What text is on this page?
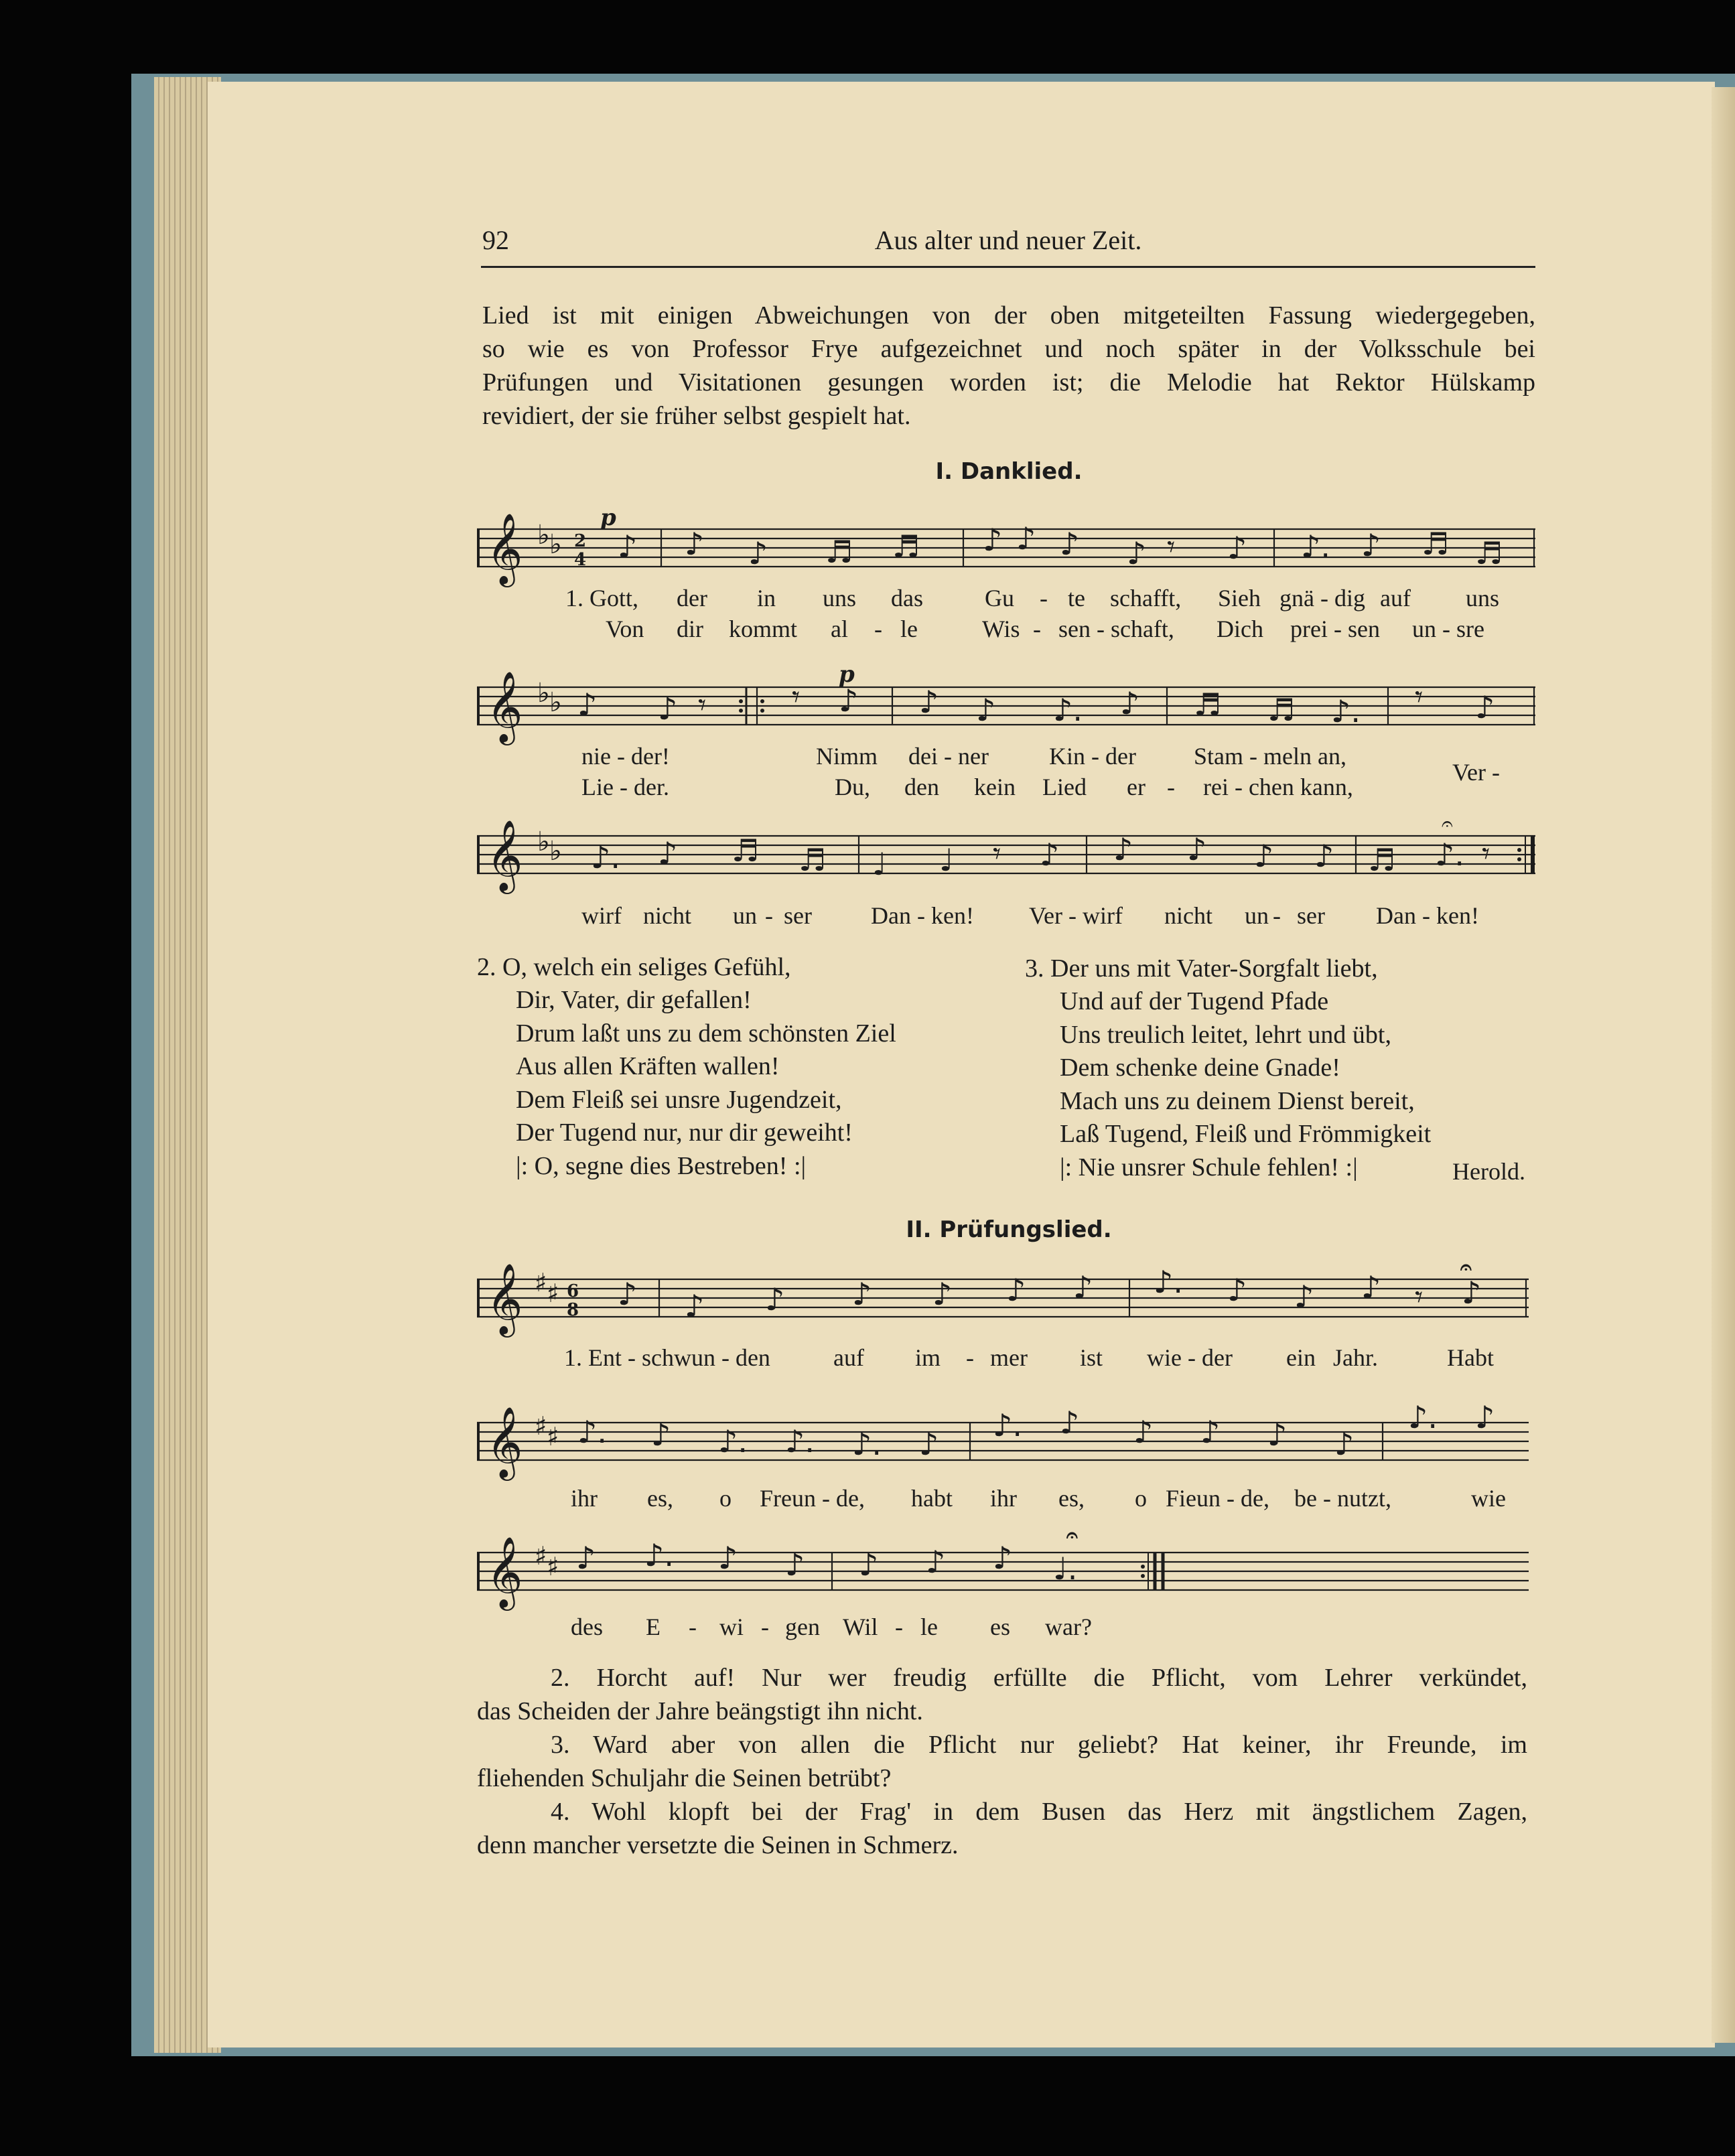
92	Aus alter und neuer Zeit.
Lied ist mit einigen Abweichungen von der oben mitgeteilten Fassung wiedergegeben,
so wie es von Professor Frye aufgezeichnet und noch später in der Volksschule bei
Prüfungen und Visitationen gesungen worden ist; die Melodie hat Rektor Hülskamp
revidiert, der sie früher selbst gespielt hat.
I. Danklied.
𝄞 ♭ ♭ 2
4
p
♪ ♪ ♪ ♬ ♬ ♪ ♪ ♪ ♪ 𝄾 ♪ ♪. ♪ ♬ ♬
1. Gott, der in uns das	Gu - te schafft, Sieh gnä - dig auf uns
Von dir kommt al - le	Wis - sen - schaft, Dich prei - sen un - sre
𝄞 ♭ ♭
p
♪ ♪ 𝄾	𝄾 ♪ ♪ ♪ ♪. ♪ ♬ ♬ ♪. 𝄾 ♪
nie - der!	Nimm dei - ner	Kin - der Stam - meln an,
Ver -
Lie - der.	Du, den kein Lied er - rei - chen kann,
𝄞 ♭ ♭ ♪. ♪ ♬ ♬ ♩ ♩ 𝄾 ♪ ♪ ♪ ♪ ♪ ♬ ♪. 𝄾
𝄐
wirf nicht un - ser Dan - ken! Ver - wirf nicht un - ser Dan - ken!
2. O, welch ein seliges Gefühl,
Dir, Vater, dir gefallen!
Drum laßt uns zu dem schönsten Ziel
Aus allen Kräften wallen!
Dem Fleiß sei unsre Jugendzeit,
Der Tugend nur, nur dir geweiht!
|: O, segne dies Bestreben! :|
3. Der uns mit Vater-Sorgfalt liebt,
Und auf der Tugend Pfade
Uns treulich leitet, lehrt und übt,
Dem schenke deine Gnade!
Mach uns zu deinem Dienst bereit,
Laß Tugend, Fleiß und Frömmigkeit
|: Nie unsrer Schule fehlen! :|	Herold.
II. Prüfungslied.
𝄞 ♯ ♯ 6
8 ♪ ♪ ♪ ♪ ♪ ♪ ♪ ♪. ♪ ♪ ♪ 𝄾 ♪
𝄐
1. Ent - schwun - den	auf im - mer ist wie - der ein Jahr.	Habt
𝄞 ♯ ♯ ♪. ♪ ♪. ♪. ♪. ♪
♪. ♪ ♪ ♪ ♪ ♪
♪. ♪
ihr es, o Freun - de, habt ihr es, o Fieun - de, be - nutzt,	wie
𝄞 ♯ ♯ ♪ ♪. ♪ ♪ ♪ ♪ ♪ ♩.
𝄐
des E - wi - gen Wil - le es war?
2. Horcht auf! Nur wer freudig erfüllte die Pflicht, vom Lehrer verkündet,
das Scheiden der Jahre beängstigt ihn nicht.
3. Ward aber von allen die Pflicht nur geliebt? Hat keiner, ihr Freunde, im
fliehenden Schuljahr die Seinen betrübt?
4. Wohl klopft bei der Frag' in dem Busen das Herz mit ängstlichem Zagen,
denn mancher versetzte die Seinen in Schmerz.
